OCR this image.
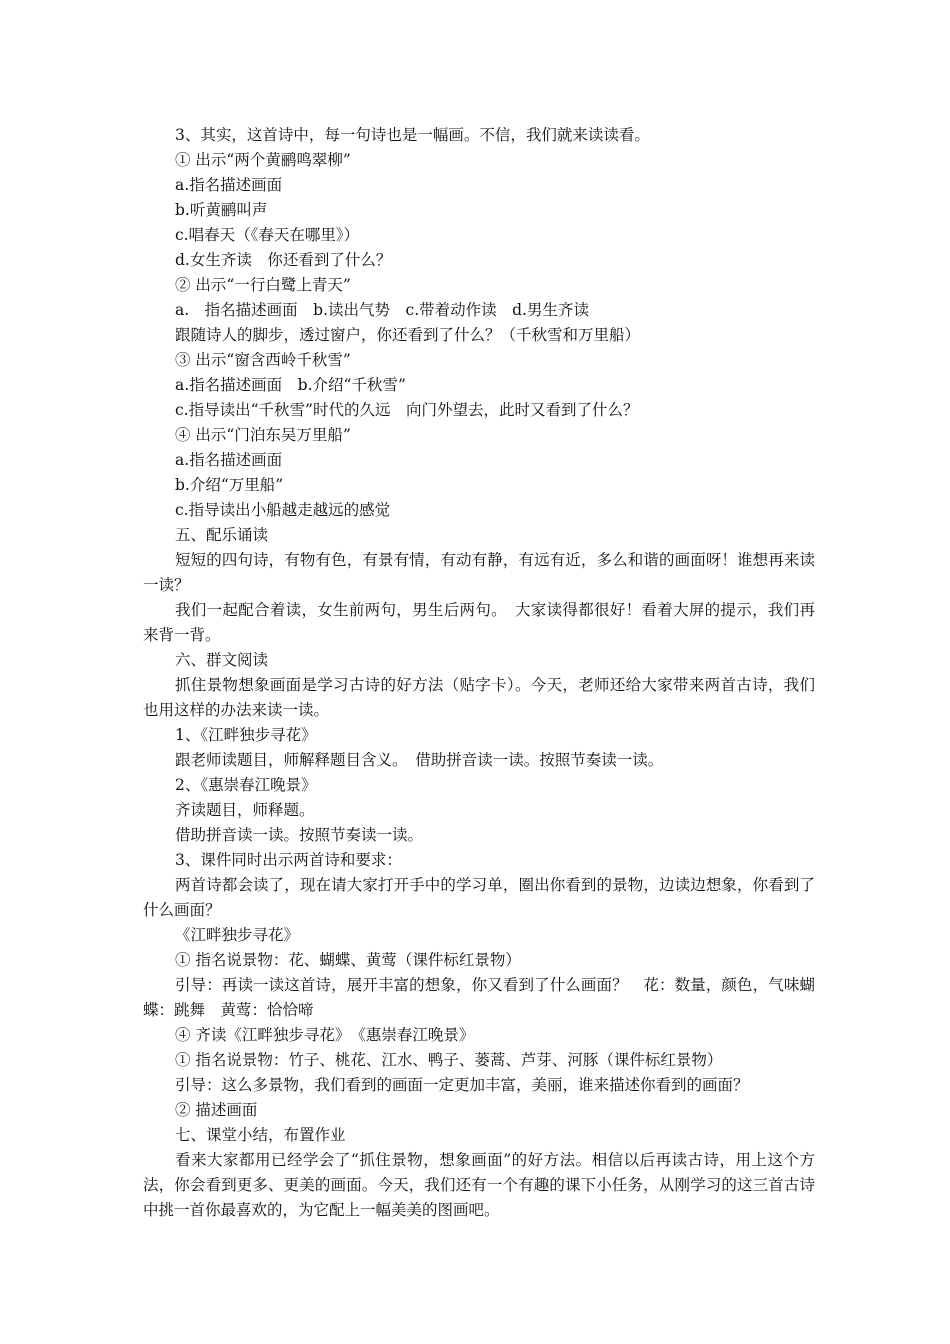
3、其实，这首诗中，每一句诗也是一幅画。不信，我们就来读读看。
① 出示“两个黄鹂鸣翠柳”
a.指名描述画面
b.听黄鹂叫声
c.唱春天（《春天在哪里》）
d.女生齐读　你还看到了什么？
② 出示“一行白鹭上青天”
a.　指名描述画面　b.读出气势　c.带着动作读　d.男生齐读
跟随诗人的脚步，透过窗户，你还看到了什么？（千秋雪和万里船）
③ 出示“窗含西岭千秋雪”
a.指名描述画面　b.介绍“千秋雪”
c.指导读出“千秋雪”时代的久远　向门外望去，此时又看到了什么？
④ 出示“门泊东吴万里船”
a.指名描述画面
b.介绍“万里船”
c.指导读出小船越走越远的感觉
五、配乐诵读
短短的四句诗，有物有色，有景有情，有动有静，有远有近，多么和谐的画面呀！谁想再来读一读？
我们一起配合着读，女生前两句，男生后两句。　大家读得都很好！看着大屏的提示，我们再来背一背。
六、群文阅读
抓住景物想象画面是学习古诗的好方法（贴字卡）。今天，老师还给大家带来两首古诗，我们也用这样的办法来读一读。
1、《江畔独步寻花》
跟老师读题目，师解释题目含义。　借助拼音读一读。按照节奏读一读。
2、《惠崇春江晚景》
齐读题目，师释题。
借助拼音读一读。按照节奏读一读。
3、课件同时出示两首诗和要求：
两首诗都会读了，现在请大家打开手中的学习单，圈出你看到的景物，边读边想象，你看到了什么画面？
《江畔独步寻花》
① 指名说景物：花、蝴蝶、黄莺（课件标红景物）
引导：再读一读这首诗，展开丰富的想象，你又看到了什么画面？　花：数量，颜色，气味蝴蝶：跳舞　黄莺：恰恰啼
④ 齐读《江畔独步寻花》　《惠崇春江晚景》
① 指名说景物：竹子、桃花、江水、鸭子、蒌蒿、芦芽、河豚（课件标红景物）
引导：这么多景物，我们看到的画面一定更加丰富，美丽，谁来描述你看到的画面？
② 描述画面
七、课堂小结，布置作业
看来大家都用已经学会了“抓住景物，想象画面”的好方法。相信以后再读古诗，用上这个方法，你会看到更多、更美的画面。今天，我们还有一个有趣的课下小任务，从刚学习的这三首古诗中挑一首你最喜欢的，为它配上一幅美美的图画吧。
